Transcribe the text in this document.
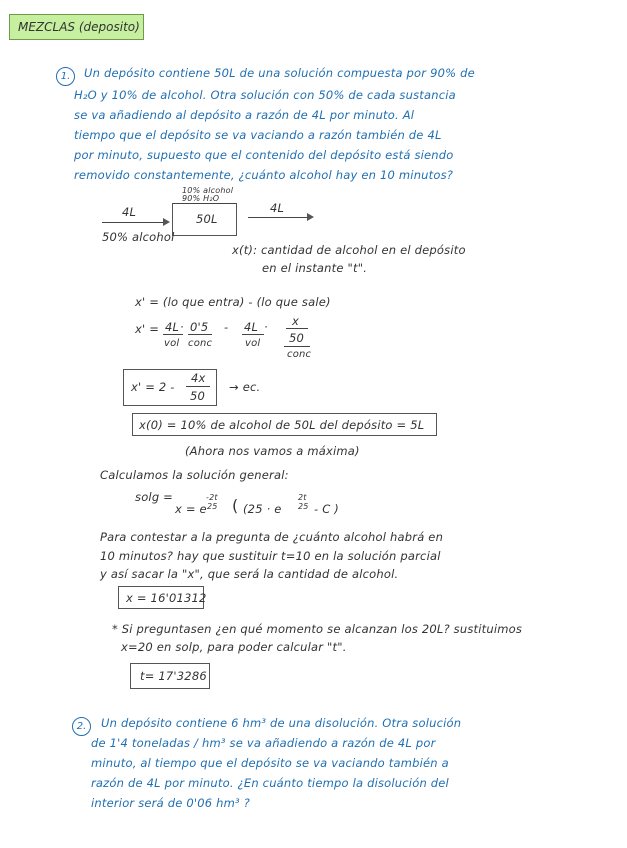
MEZCLAS (deposito)
1.	Un depósito contiene 50L de una solución compuesta por 90% de
H₂O y 10% de alcohol. Otra solución con 50% de cada sustancia
se va añadiendo al depósito a razón de 4L por minuto. Al
tiempo que el depósito se va vaciando a razón también de 4L
por minuto, supuesto que el contenido del depósito está siendo
removido constantemente, ¿cuánto alcohol hay en 10 minutos?
10% alcohol
90% H₂O
50L
4L
50% alcohol
4L
x(t): cantidad de alcohol en el depósito
en el instante "t".
x' = (lo que entra) - (lo que sale)
x' = 4L · 0'5
vol conc
- 4L ·
vol
x
50
conc
x' = 2 -
4x
50
→ ec.
x(0) = 10% de alcohol de 50L del depósito = 5L
(Ahora nos vamos a máxima)
Calculamos la solución general:
solg =
x = e
-2t
25 ( (25 · e
2t
25 - C )
Para contestar a la pregunta de ¿cuánto alcohol habrá en
10 minutos? hay que sustituir t=10 en la solución parcial
y así sacar la "x", que será la cantidad de alcohol.
x = 16'01312
* Si preguntasen ¿en qué momento se alcanzan los 20L? sustituimos
x=20 en solp, para poder calcular "t".
t= 17'3286
2.	Un depósito contiene 6 hm³ de una disolución. Otra solución
de 1'4 toneladas / hm³ se va añadiendo a razón de 4L por
minuto, al tiempo que el depósito se va vaciando también a
razón de 4L por minuto. ¿En cuánto tiempo la disolución del
interior será de 0'06 hm³ ?
